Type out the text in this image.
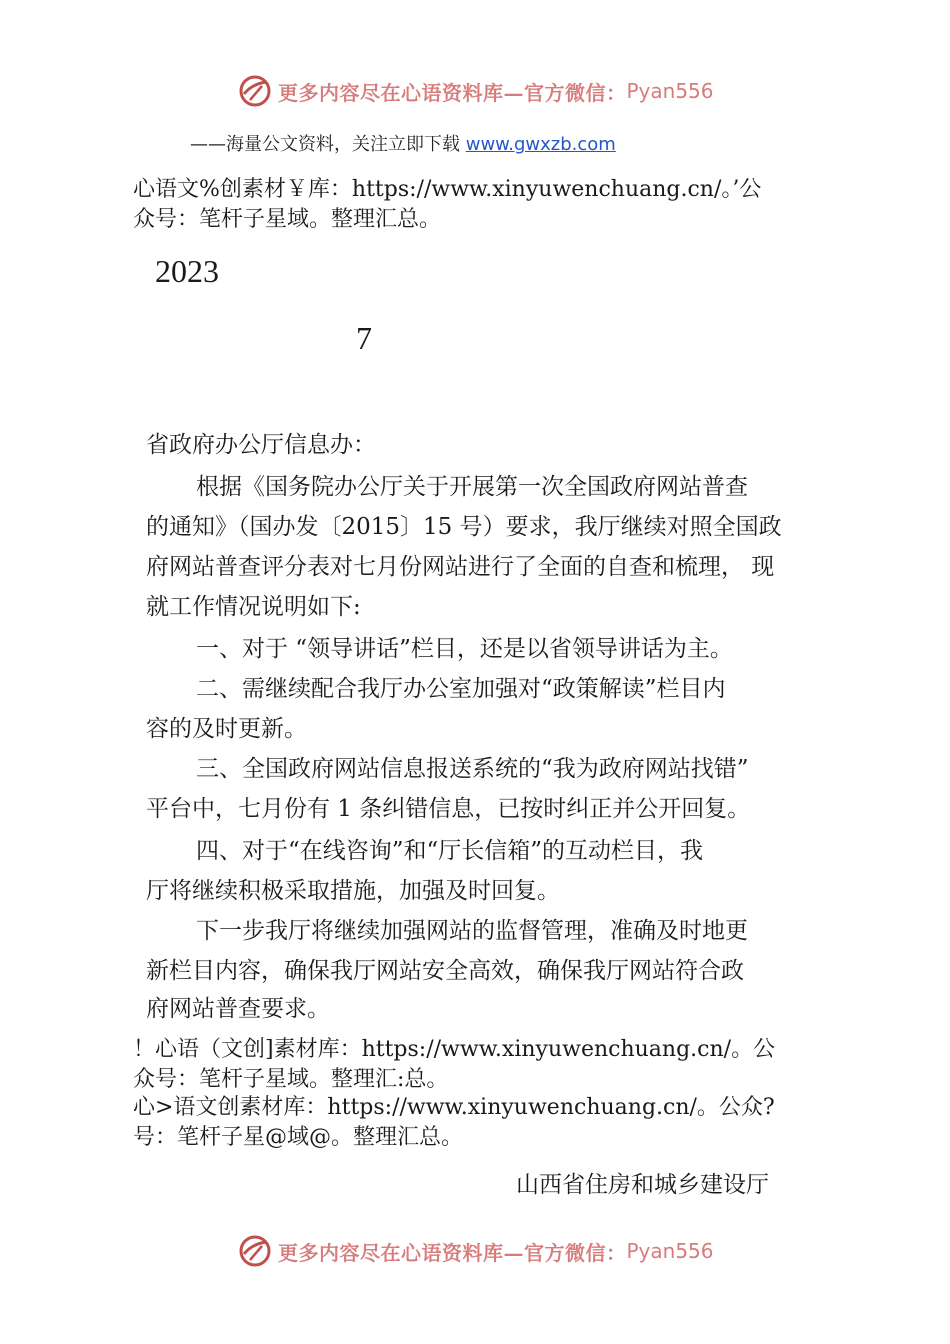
更多内容尽在心语资料库—官方微信： Pyan556
——海量公文资料，关注立即下载 www.gwxzb.com
心语文%创素材￥库：https://www.xinyuwenchuang.cn/。’公
众号：笔杆子星域。整理汇总。
2023
7
省政府办公厅信息办：
根据《国务院办公厅关于开展第一次全国政府网站普查
的通知》（国办发〔2015〕15 号）要求，我厅继续对照全国政
府网站普查评分表对七月份网站进行了全面的自查和梳理， 现
就工作情况说明如下:
一、对于 “领导讲话”栏目，还是以省领导讲话为主。
二、需继续配合我厅办公室加强对“政策解读”栏目内
容的及时更新。
三、全国政府网站信息报送系统的“我为政府网站找错”
平台中，七月份有 1 条纠错信息，已按时纠正并公开回复。
四、对于“在线咨询”和“厅长信箱”的互动栏目，我
厅将继续积极采取措施，加强及时回复。
下一步我厅将继续加强网站的监督管理，准确及时地更
新栏目内容，确保我厅网站安全高效，确保我厅网站符合政
府网站普查要求。
！心语（文创]素材库：https://www.xinyuwenchuang.cn/。公
众号：笔杆子星域。整理汇:总。
心>语文创素材库：https://www.xinyuwenchuang.cn/。公众?
号：笔杆子星@域@。整理汇总。
山西省住房和城乡建设厅
更多内容尽在心语资料库—官方微信： Pyan556
